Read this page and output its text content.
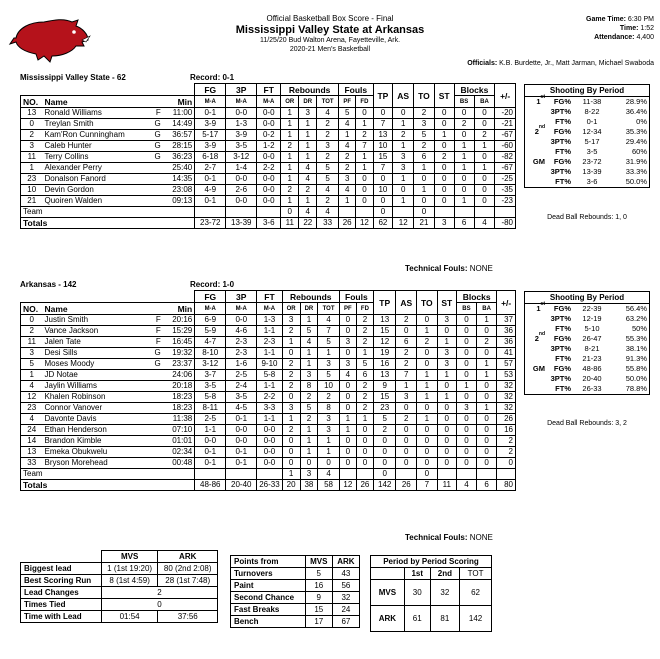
Official Basketball Box Score - Final
Mississippi Valley State at Arkansas
11/25/20 Bud Walton Arena, Fayetteville, Ark.
2020-21 Men's Basketball
Game Time: 6:30 PM
Time: 1:52
Attendance: 4,400
Officials: K.B. Burdette, Jr., Matt Jarman, Michael Swaboda
Mississippi Valley State - 62	Record: 0-1
				FG	3P	FT	Rebounds			Fouls		TP	AS	TO	ST	Blocks		+/-
NO.	Name		Min	M-A	M-A	M-A	OR	DR	TOT	PF	FD					BS	BA	
13	Ronald Williams	F	11:00	0-1	0-0	0-0	1	3	4	5	0	0	0	2	0	0	0	-20
0	Treylan Smith	G	14:49	3-9	1-3	0-0	1	1	2	4	1	7	1	3	0	2	0	-21
2	Kam'Ron Cunningham	G	36:57	5-17	3-9	0-2	1	1	2	1	2	13	2	5	1	0	2	-67
3	Caleb Hunter	G	28:15	3-9	3-5	1-2	2	1	3	4	7	10	1	2	0	1	1	-60
11	Terry Collins	G	36:23	6-18	3-12	0-0	1	1	2	2	1	15	3	6	2	1	0	-82
1	Alexander Perry		25:40	2-7	1-4	2-2	1	4	5	2	1	7	3	1	0	1	1	-67
23	Donalson Fanord		14:35	0-1	0-0	0-0	1	4	5	3	0	0	1	0	0	0	0	-25
10	Devin Gordon		23:08	4-9	2-6	0-0	2	2	4	4	0	10	0	1	0	0	0	-35
21	Quoiren Walden		09:13	0-1	0-0	0-0	1	1	2	1	0	0	1	0	0	1	0	-23
Team							0	4	4			0		0				
Totals				23-72	13-39	3-6	11	22	33	26	12	62	12	21	3	6	4	-80
Technical Fouls: NONE
Shooting By Period
1st	FG%	11-38	28.9%
	3PT%	8-22	36.4%
	FT%	0-1	0%
2nd	FG%	12-34	35.3%
	3PT%	5-17	29.4%
	FT%	3-5	60%
GM	FG%	23-72	31.9%
	3PT%	13-39	33.3%
	FT%	3-6	50.0%
Dead Ball Rebounds: 1, 0
Arkansas - 142	Record: 1-0
				FG	3P	FT	Rebounds			Fouls		TP	AS	TO	ST	Blocks		+/-
NO.	Name		Min	M-A	M-A	M-A	OR	DR	TOT	PF	FD					BS	BA	
0	Justin Smith	F	20:16	6-9	0-0	1-3	3	1	4	0	2	13	2	0	3	0	1	37
2	Vance Jackson	F	15:29	5-9	4-6	1-1	2	5	7	0	2	15	0	1	0	0	0	36
11	Jalen Tate	F	16:45	4-7	2-3	2-3	1	4	5	3	2	12	6	2	1	0	2	36
3	Desi Sills	G	19:32	8-10	2-3	1-1	0	1	1	0	1	19	2	0	3	0	0	41
5	Moses Moody	G	23:37	3-12	1-6	9-10	2	1	3	3	5	16	2	0	3	0	1	57
1	JD Notae		24:06	3-7	2-5	5-8	2	3	5	4	6	13	7	1	1	0	1	53
4	Jaylin Williams		20:18	3-5	2-4	1-1	2	8	10	0	2	9	1	1	0	1	0	32
12	Khalen Robinson		18:23	5-8	3-5	2-2	0	2	2	0	2	15	3	1	1	0	0	32
23	Connor Vanover		18:23	8-11	4-5	3-3	3	5	8	0	2	23	0	0	0	3	1	32
4	Davonte Davis		11:38	2-5	0-1	1-1	1	2	3	1	1	5	2	1	0	0	0	26
24	Ethan Henderson		07:10	1-1	0-0	0-0	2	1	3	1	0	2	0	0	0	0	0	16
14	Brandon Kimble		01:01	0-0	0-0	0-0	0	1	1	0	0	0	0	0	0	0	0	2
13	Emeka Obukwelu		02:34	0-1	0-1	0-0	0	1	1	0	0	0	0	0	0	0	0	2
33	Bryson Morehead		00:48	0-1	0-1	0-0	0	0	0	0	0	0	0	0	0	0	0	0
Team							1	3	4			0		0				
Totals				48-86	20-40	26-33	20	38	58	12	26	142	26	7	11	4	6	80
Technical Fouls: NONE
Shooting By Period
1st	FG%	22-39	56.4%
	3PT%	12-19	63.2%
	FT%	5-10	50%
2nd	FG%	26-47	55.3%
	3PT%	8-21	38.1%
	FT%	21-23	91.3%
GM	FG%	48-86	55.8%
	3PT%	20-40	50.0%
	FT%	26-33	78.8%
Dead Ball Rebounds: 3, 2
	MVS	ARK
Biggest lead	1 (1st 19:20)	80 (2nd 2:08)
Best Scoring Run	8 (1st 4:59)	28 (1st 7:48)
Lead Changes	2	
Times Tied	0	
Time with Lead	01:54	37:56
Points from	MVS	ARK
Turnovers	5	43
Paint	16	56
Second Chance	9	32
Fast Breaks	15	24
Bench	17	67
Period by Period Scoring			
	1st	2nd	TOT
MVS	30	32	62
ARK	61	81	142
